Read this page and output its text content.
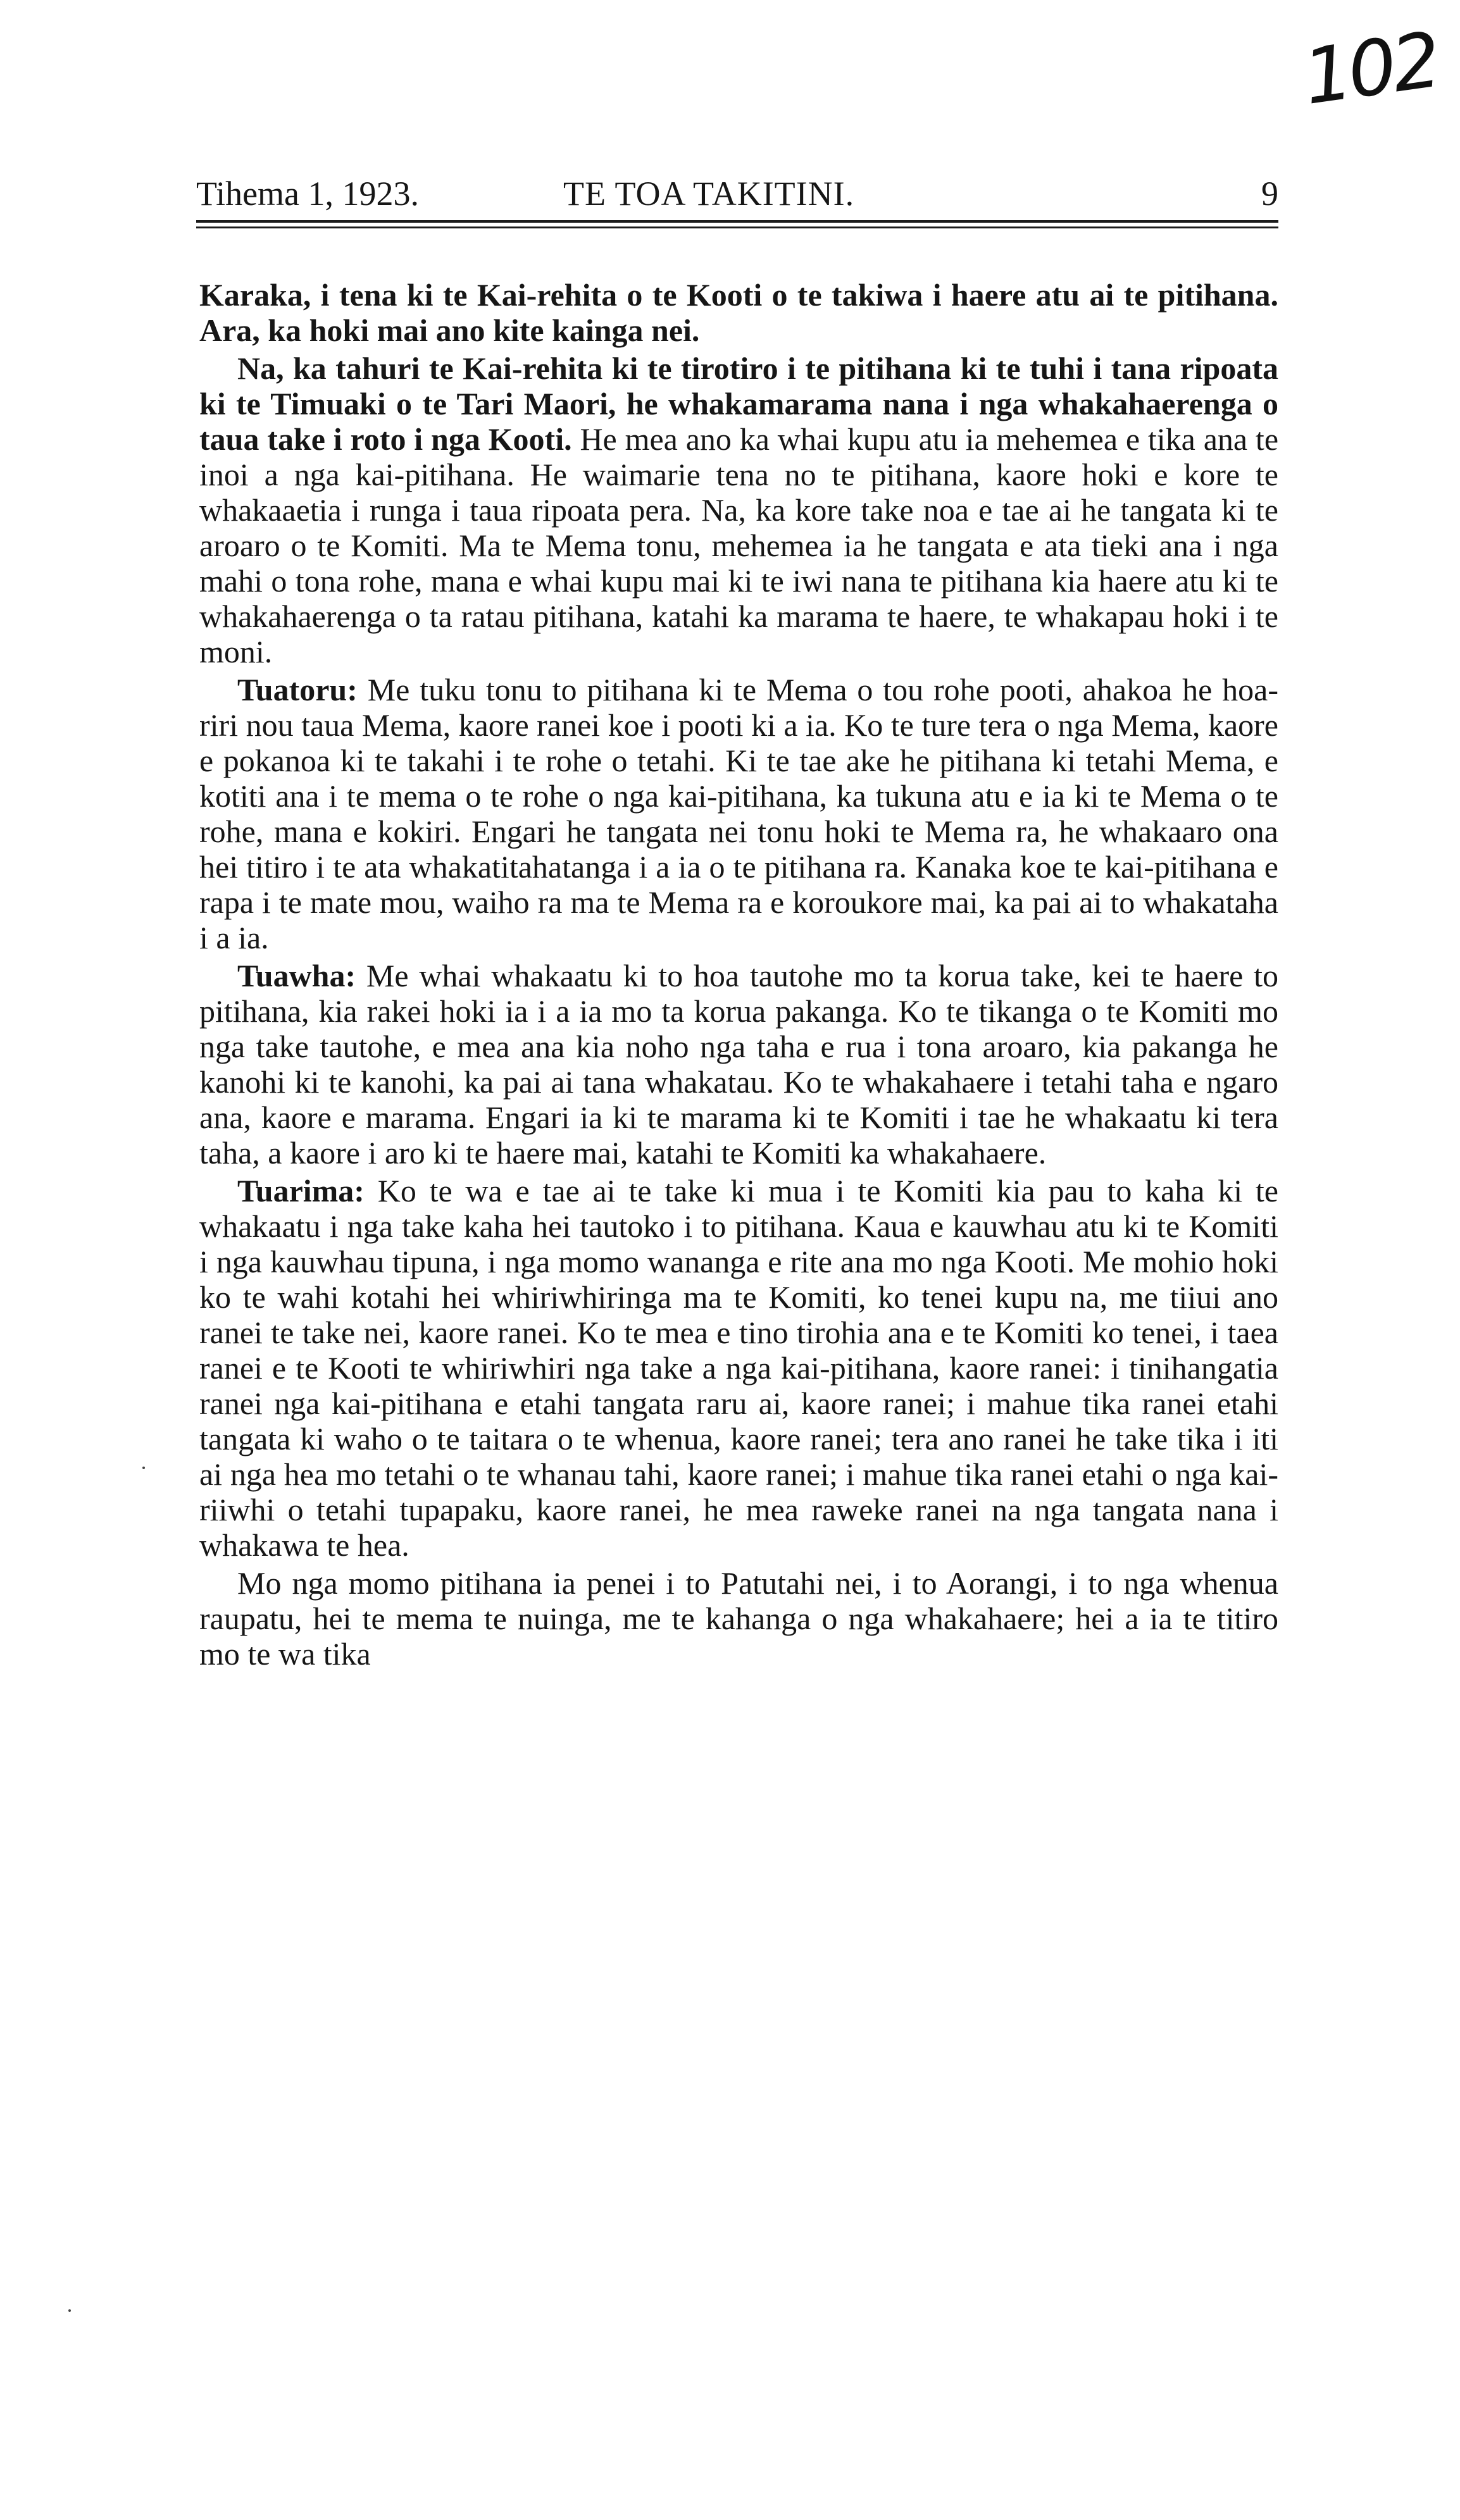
102
Tihema 1, 1923.	TE TOA TAKITINI.	9

Karaka, i tena ki te Kai-rehita o te Kooti o te takiwa i haere atu ai te pitihana. Ara, ka hoki mai ano kite kainga nei.

Na, ka tahuri te Kai-rehita ki te tirotiro i te pitihana ki te tuhi i tana ripoata ki te Timuaki o te Tari Maori, he whakamarama nana i nga whakahaerenga o taua take i roto i nga Kooti. He mea ano ka whai kupu atu ia mehemea e tika ana te inoi a nga kai-pitihana. He waimarie tena no te pitihana, kaore hoki e kore te whakaaetia i runga i taua ripoata pera. Na, ka kore take noa e tae ai he tangata ki te aroaro o te Komiti. Ma te Mema tonu, mehemea ia he tangata e ata tieki ana i nga mahi o tona rohe, mana e whai kupu mai ki te iwi nana te pitihana kia haere atu ki te whakahaerenga o ta ratau pitihana, katahi ka marama te haere, te whakapau hoki i te moni.

Tuatoru: Me tuku tonu to pitihana ki te Mema o tou rohe pooti, ahakoa he hoa-riri nou taua Mema, kaore ranei koe i pooti ki a ia. Ko te ture tera o nga Mema, kaore e pokanoa ki te takahi i te rohe o tetahi. Ki te tae ake he pitihana ki tetahi Mema, e kotiti ana i te mema o te rohe o nga kai-pitihana, ka tukuna atu e ia ki te Mema o te rohe, mana e kokiri. Engari he tangata nei tonu hoki te Mema ra, he whakaaro ona hei titiro i te ata whakatitahatanga i a ia o te pitihana ra. Kanaka koe te kai-pitihana e rapa i te mate mou, waiho ra ma te Mema ra e koroukore mai, ka pai ai to whakataha i a ia.

Tuawha: Me whai whakaatu ki to hoa tautohe mo ta korua take, kei te haere to pitihana, kia rakei hoki ia i a ia mo ta korua pakanga. Ko te tikanga o te Komiti mo nga take tautohe, e mea ana kia noho nga taha e rua i tona aroaro, kia pakanga he kanohi ki te kanohi, ka pai ai tana whakatau. Ko te whakahaere i tetahi taha e ngaro ana, kaore e marama. Engari ia ki te marama ki te Komiti i tae he whakaatu ki tera taha, a kaore i aro ki te haere mai, katahi te Komiti ka whakahaere.

Tuarima: Ko te wa e tae ai te take ki mua i te Komiti kia pau to kaha ki te whakaatu i nga take kaha hei tautoko i to pitihana. Kaua e kauwhau atu ki te Komiti i nga kauwhau tipuna, i nga momo wananga e rite ana mo nga Kooti. Me mohio hoki ko te wahi kotahi hei whiriwhiringa ma te Komiti, ko tenei kupu na, me tiiui ano ranei te take nei, kaore ranei. Ko te mea e tino tirohia ana e te Komiti ko tenei, i taea ranei e te Kooti te whiriwhiri nga take a nga kai-pitihana, kaore ranei: i tinihangatia ranei nga kai-pitihana e etahi tangata raru ai, kaore ranei; i mahue tika ranei etahi tangata ki waho o te taitara o te whenua, kaore ranei; tera ano ranei he take tika i iti ai nga hea mo tetahi o te whanau tahi, kaore ranei; i mahue tika ranei etahi o nga kai-riiwhi o tetahi tupapaku, kaore ranei, he mea raweke ranei na nga tangata nana i whakawa te hea.

Mo nga momo pitihana ia penei i to Patutahi nei, i to Aorangi, i to nga whenua raupatu, hei te mema te nuinga, me te kahanga o nga whakahaere; hei a ia te titiro mo te wa tika
